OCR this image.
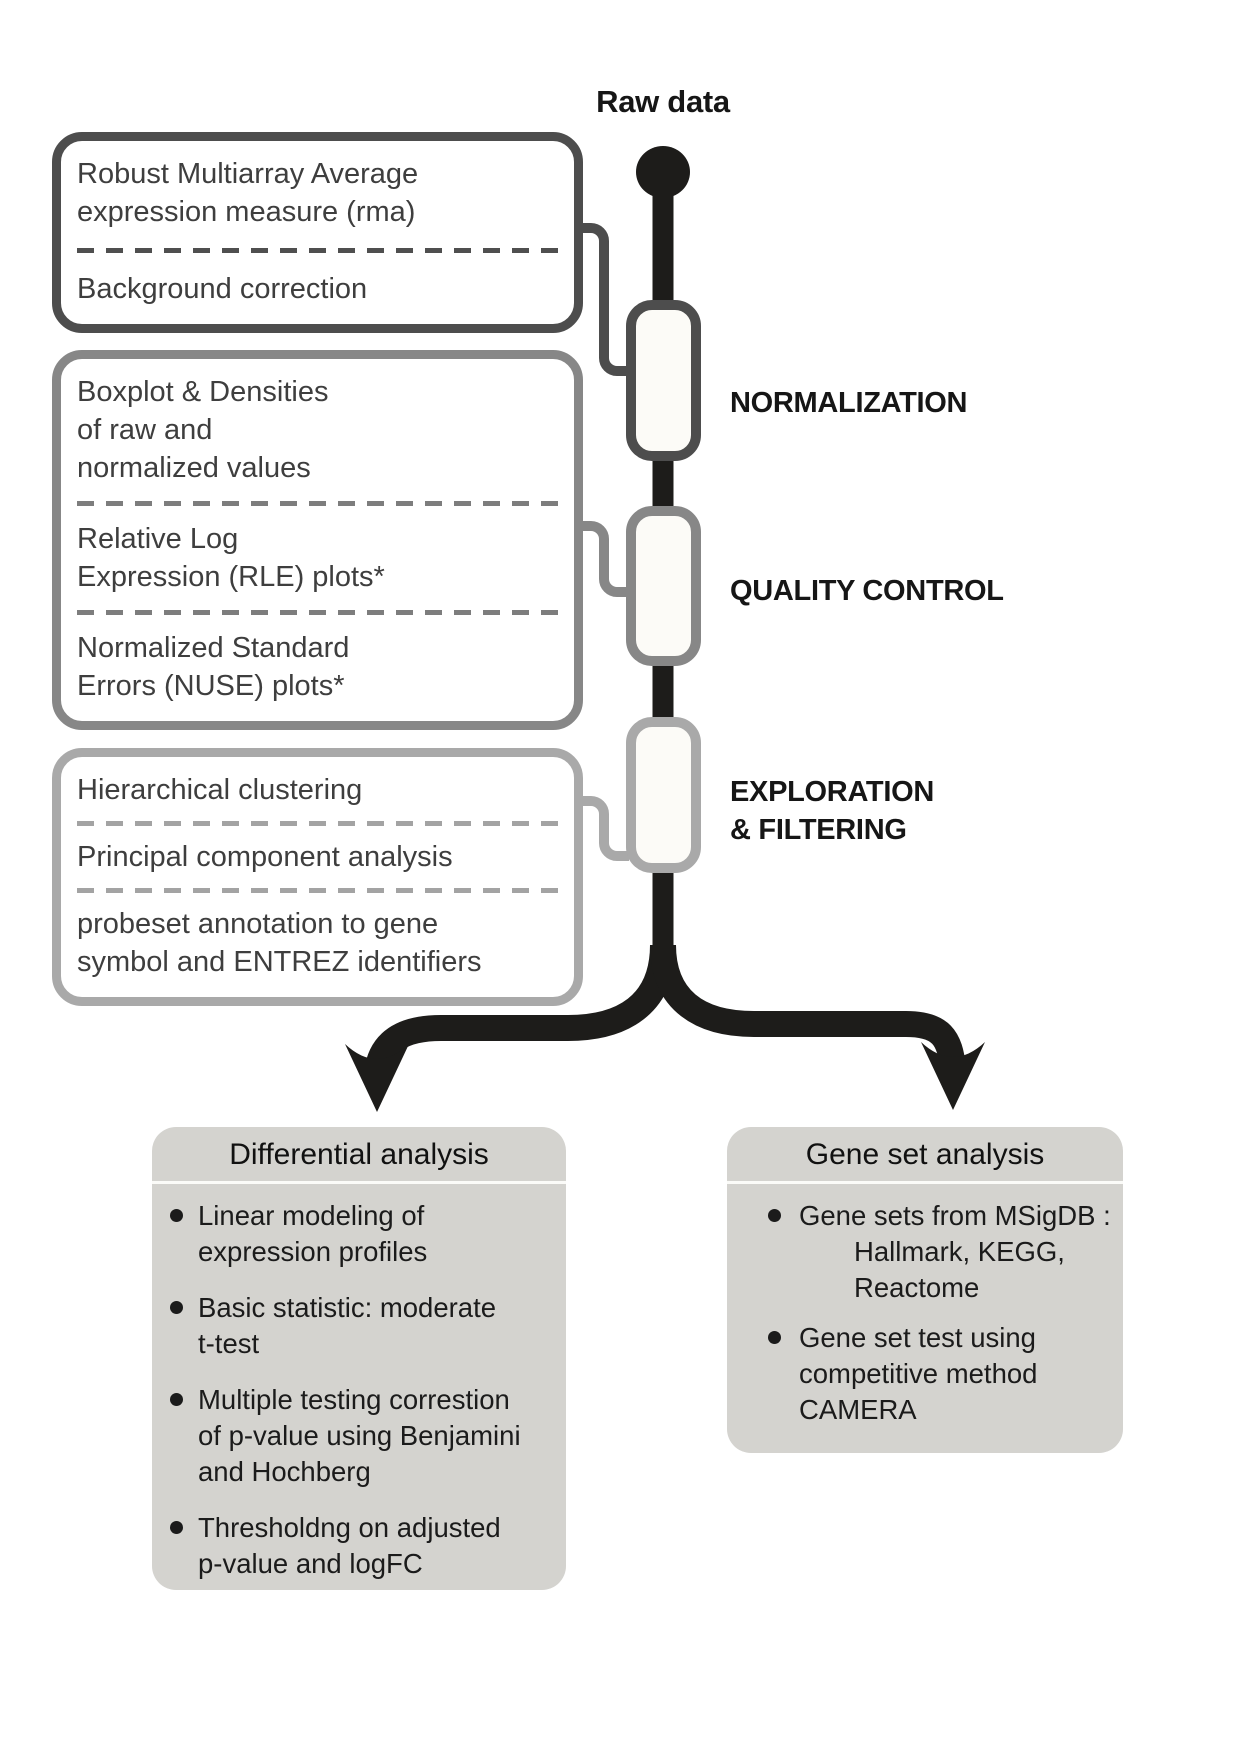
Raw data
Robust Multiarray Average
expression measure (rma)
Background correction
Boxplot & Densities
of raw and
normalized values
Relative Log
Expression (RLE) plots*
Normalized Standard
Errors (NUSE) plots*
Hierarchical clustering
Principal component analysis
probeset annotation to gene
symbol and ENTREZ identifiers
NORMALIZATION
QUALITY CONTROL
EXPLORATION
& FILTERING
Differential analysis
Linear modeling of
expression profiles
Basic statistic: moderate
t-test
Multiple testing correstion
of p-value using Benjamini
and Hochberg
Thresholdng on adjusted
p-value and logFC
Gene set analysis
Gene sets from MSigDB :
Hallmark, KEGG,
Reactome
Gene set test using
competitive method
CAMERA
